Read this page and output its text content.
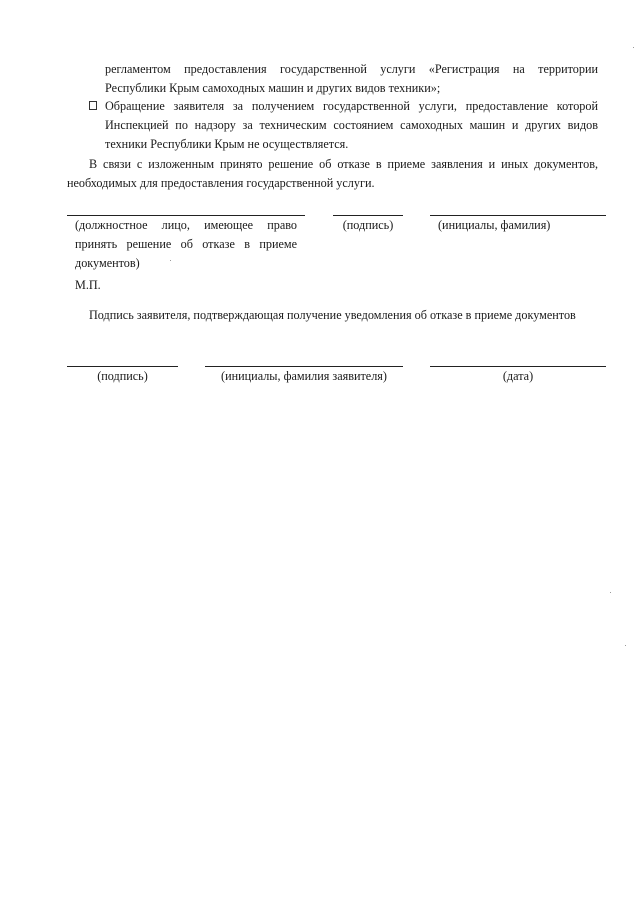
регламентом предоставления государственной услуги «Регистрация на территории
Республики Крым самоходных машин и других видов техники»;
Обращение заявителя за получением государственной услуги, предоставление которой Инспекцией по надзору за техническим состоянием самоходных машин и других видов техники Республики Крым не осуществляется.
В связи с изложенным принято решение об отказе в приеме заявления и иных документов, необходимых для предоставления государственной услуги.
(должностное лицо, имеющее право принять решение об отказе в приеме документов)
(подпись)	(инициалы, фамилия)
М.П.
Подпись заявителя, подтверждающая получение уведомления об отказе в приеме документов
(подпись)	(инициалы, фамилия заявителя)	(дата)
